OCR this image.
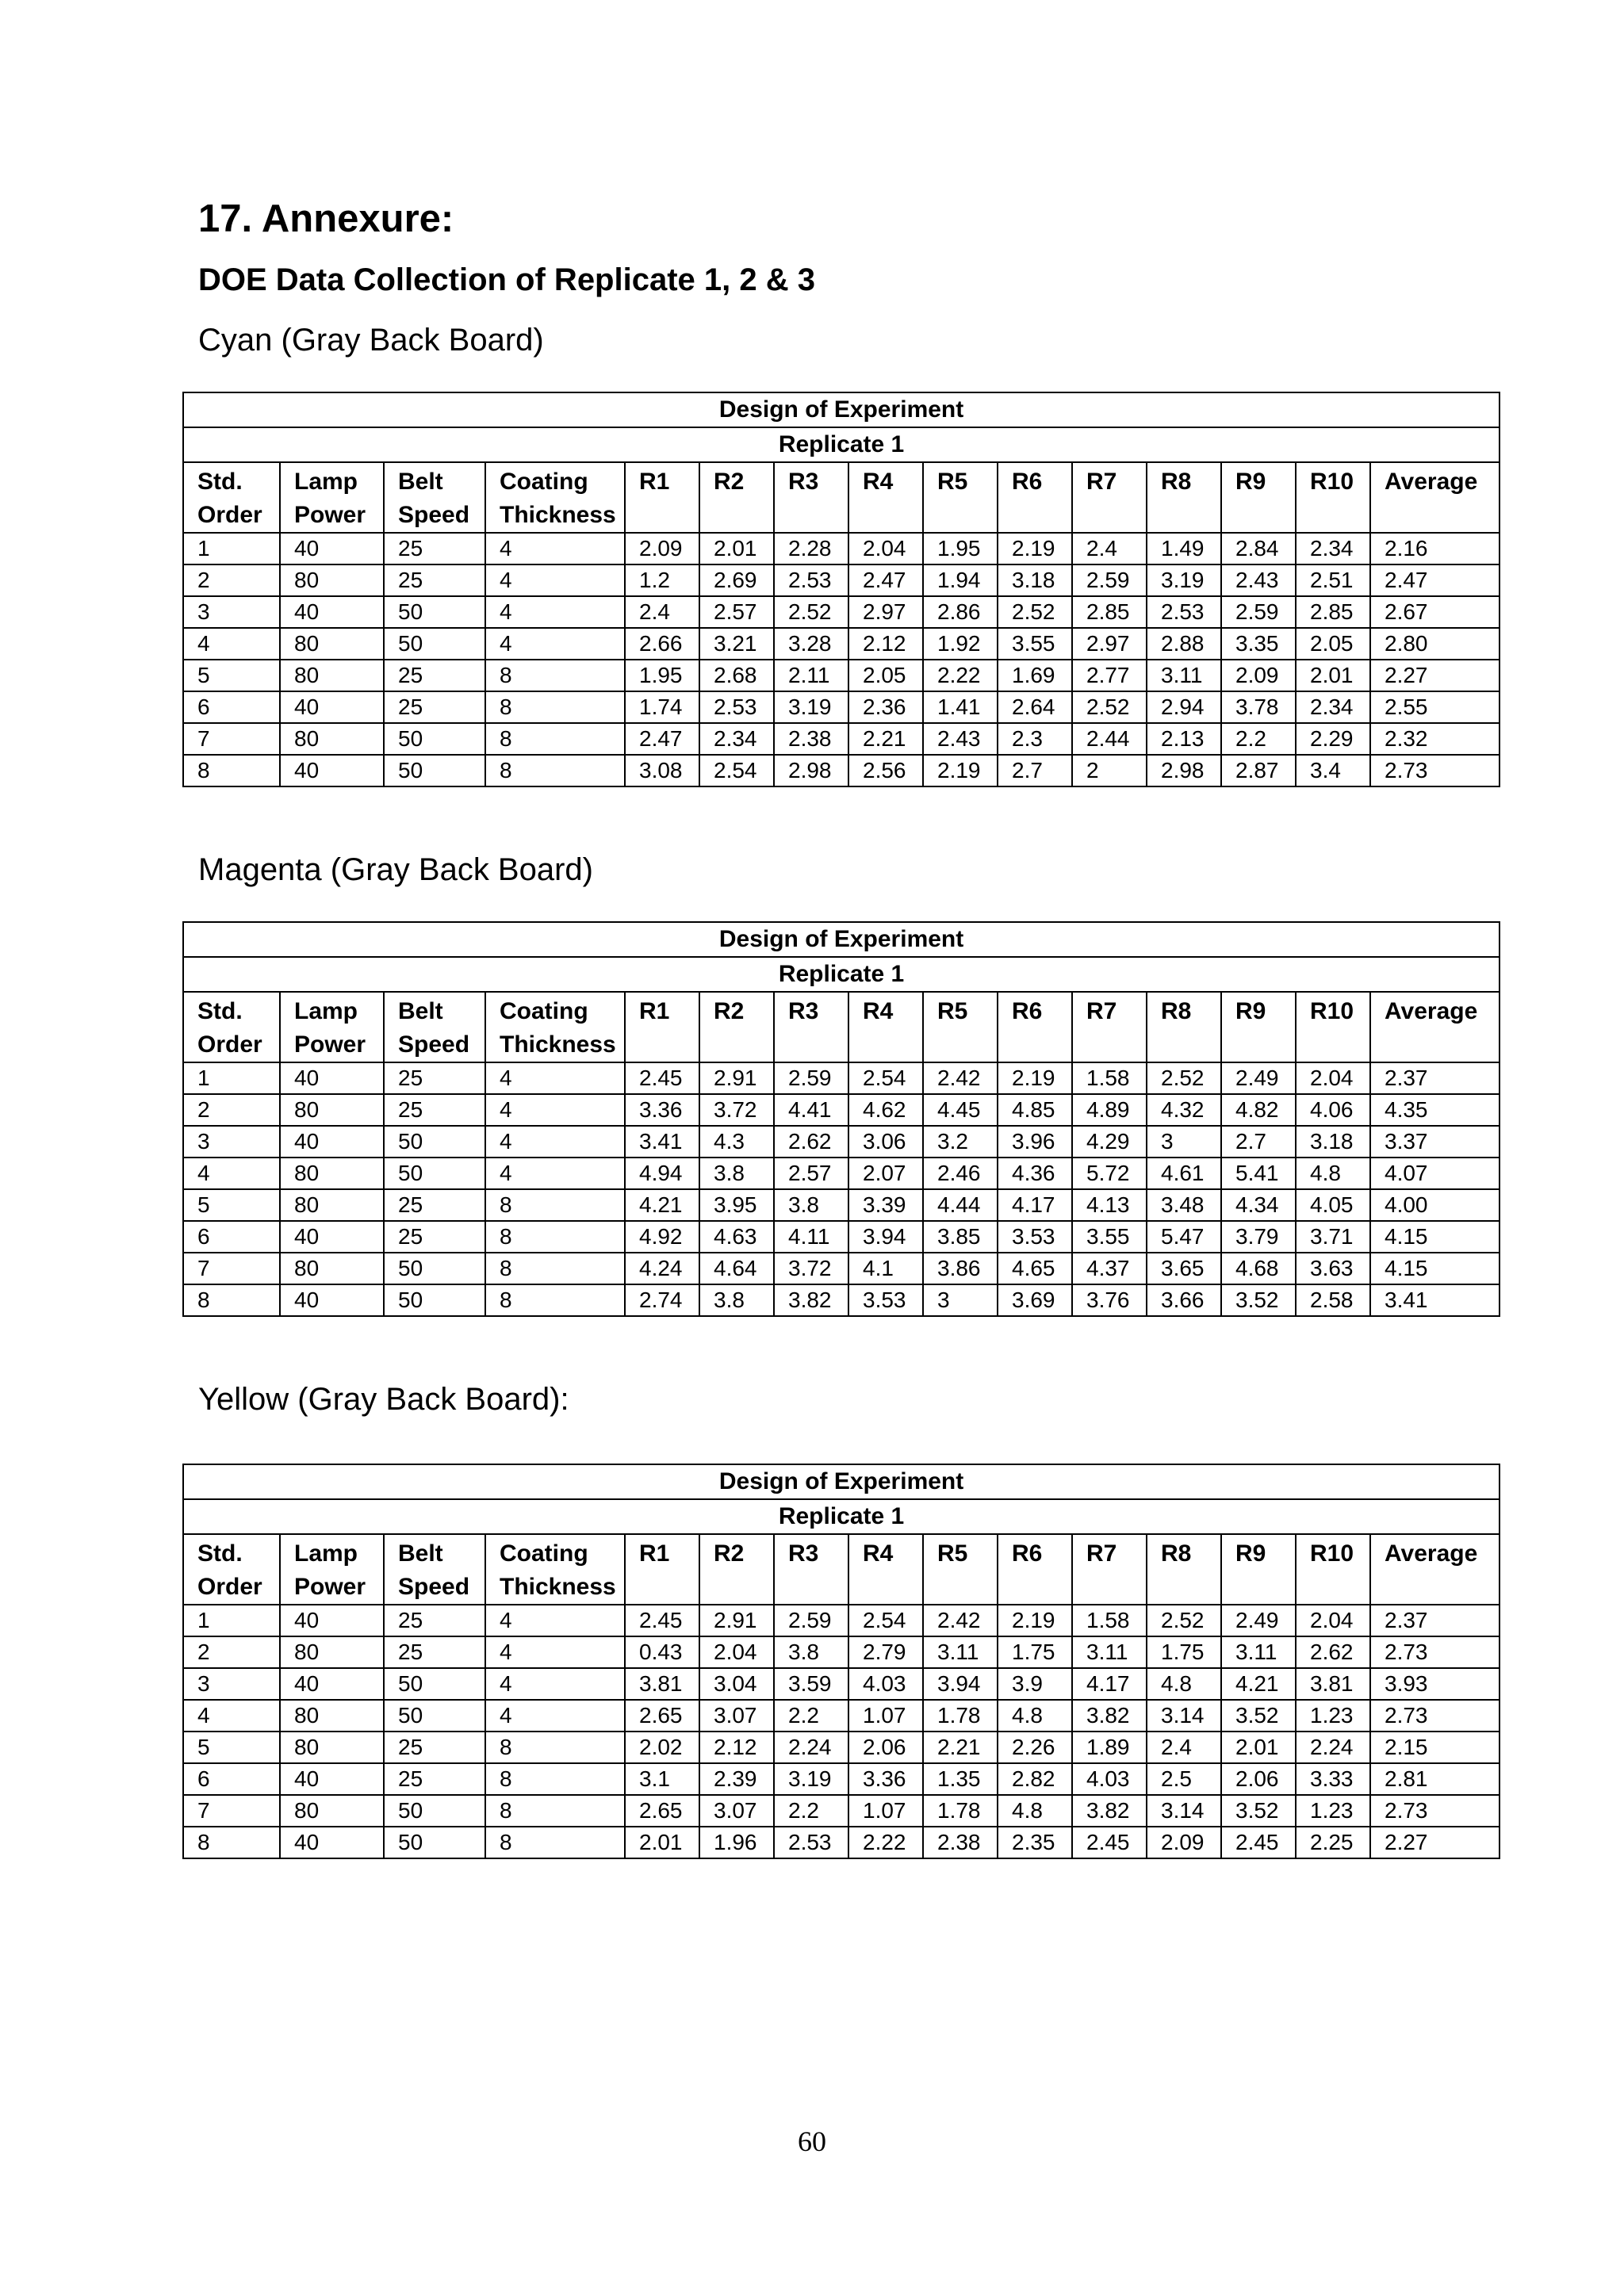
17. Annexure:
DOE Data Collection of Replicate 1, 2 & 3
Cyan (Gray Back Board)
Design of Experiment														
Replicate 1														
Std. Order	Lamp Power	Belt Speed	Coating Thickness	R1	R2	R3	R4	R5	R6	R7	R8	R9	R10	Average
1	40	25	4	2.09	2.01	2.28	2.04	1.95	2.19	2.4	1.49	2.84	2.34	2.16
2	80	25	4	1.2	2.69	2.53	2.47	1.94	3.18	2.59	3.19	2.43	2.51	2.47
3	40	50	4	2.4	2.57	2.52	2.97	2.86	2.52	2.85	2.53	2.59	2.85	2.67
4	80	50	4	2.66	3.21	3.28	2.12	1.92	3.55	2.97	2.88	3.35	2.05	2.80
5	80	25	8	1.95	2.68	2.11	2.05	2.22	1.69	2.77	3.11	2.09	2.01	2.27
6	40	25	8	1.74	2.53	3.19	2.36	1.41	2.64	2.52	2.94	3.78	2.34	2.55
7	80	50	8	2.47	2.34	2.38	2.21	2.43	2.3	2.44	2.13	2.2	2.29	2.32
8	40	50	8	3.08	2.54	2.98	2.56	2.19	2.7	2	2.98	2.87	3.4	2.73
Magenta (Gray Back Board)
Design of Experiment														
Replicate 1														
Std. Order	Lamp Power	Belt Speed	Coating Thickness	R1	R2	R3	R4	R5	R6	R7	R8	R9	R10	Average
1	40	25	4	2.45	2.91	2.59	2.54	2.42	2.19	1.58	2.52	2.49	2.04	2.37
2	80	25	4	3.36	3.72	4.41	4.62	4.45	4.85	4.89	4.32	4.82	4.06	4.35
3	40	50	4	3.41	4.3	2.62	3.06	3.2	3.96	4.29	3	2.7	3.18	3.37
4	80	50	4	4.94	3.8	2.57	2.07	2.46	4.36	5.72	4.61	5.41	4.8	4.07
5	80	25	8	4.21	3.95	3.8	3.39	4.44	4.17	4.13	3.48	4.34	4.05	4.00
6	40	25	8	4.92	4.63	4.11	3.94	3.85	3.53	3.55	5.47	3.79	3.71	4.15
7	80	50	8	4.24	4.64	3.72	4.1	3.86	4.65	4.37	3.65	4.68	3.63	4.15
8	40	50	8	2.74	3.8	3.82	3.53	3	3.69	3.76	3.66	3.52	2.58	3.41
Yellow (Gray Back Board):
Design of Experiment														
Replicate 1														
Std. Order	Lamp Power	Belt Speed	Coating Thickness	R1	R2	R3	R4	R5	R6	R7	R8	R9	R10	Average
1	40	25	4	2.45	2.91	2.59	2.54	2.42	2.19	1.58	2.52	2.49	2.04	2.37
2	80	25	4	0.43	2.04	3.8	2.79	3.11	1.75	3.11	1.75	3.11	2.62	2.73
3	40	50	4	3.81	3.04	3.59	4.03	3.94	3.9	4.17	4.8	4.21	3.81	3.93
4	80	50	4	2.65	3.07	2.2	1.07	1.78	4.8	3.82	3.14	3.52	1.23	2.73
5	80	25	8	2.02	2.12	2.24	2.06	2.21	2.26	1.89	2.4	2.01	2.24	2.15
6	40	25	8	3.1	2.39	3.19	3.36	1.35	2.82	4.03	2.5	2.06	3.33	2.81
7	80	50	8	2.65	3.07	2.2	1.07	1.78	4.8	3.82	3.14	3.52	1.23	2.73
8	40	50	8	2.01	1.96	2.53	2.22	2.38	2.35	2.45	2.09	2.45	2.25	2.27
60
